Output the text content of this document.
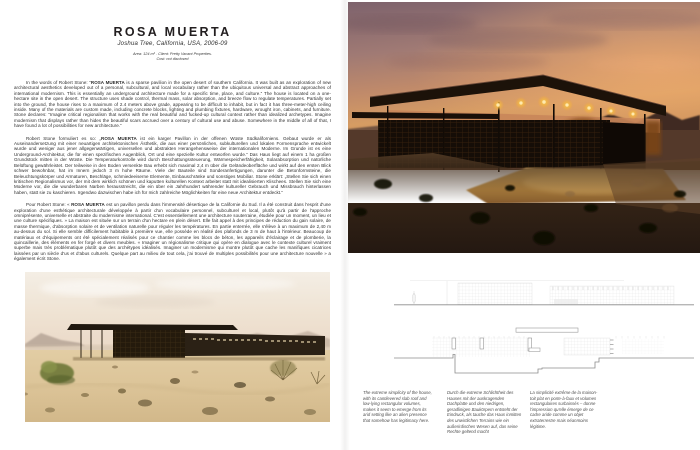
ROSA MUERTA
Joshua Tree, California, USA, 2006-09
Area: 124 m² . Client: Pretty Vacant Properties.
Cost: not disclosed

In the words of Robert Stone: “ROSA MUERTA is a sparse pavilion in the open desert of southern California. It was built as an exploration of new architectural aesthetics developed out of a personal, subcultural, and local vocabulary rather than the ubiquitous universal and abstract approaches of international modernism. This is essentially an underground architecture made for a specific time, place, and culture.” The house is located on a one-hectare site in the open desert. The structure uses shade control, thermal mass, solar absorption, and breeze flow to regulate temperatures. Partially set into the ground, the house rises to a maximum of 2.4 meters above grade, appearing to be difficult to inhabit, but in fact it has three-meter-high ceiling inside. Many of the materials are custom made, including concrete blocks, lighting and plumbing fixtures, hardware, wrought iron, cabinets, and furniture. Stone declares: “Imagine critical regionalism that works with the real beautiful and fucked-up cultural context rather than idealized archetypes. Imagine modernism that displays rather than hides the beautiful scars accrued over a century of cultural use and abuse. Somewhere in the middle of all of that, I have found a lot of possibilities for new architecture.”

Robert Stone formuliert es so: „ROSA MUERTA ist ein karger Pavillon in der offenen Wüste Südkaliforniens. Gebaut wurde er als Auseinandersetzung mit einer neuartigen architektonischen Ästhetik, die aus einer persönlichen, subkulturellen und lokalen Formensprache entwickelt wurde und weniger aus jener allgegenwärtigen, universellen und abstrakten Herangehensweise der internationalen Moderne. Im Grunde ist es eine Underground-Architektur, die für einen spezifischen Augenblick, Ort und eine spezielle Kultur entworfen wurde.“ Das Haus liegt auf einem 1 ha großen Grundstück mitten in der Wüste. Die Temperaturkontrolle wird durch Beschattungssteuerung, Wärmespeicherfähigkeit, Solarabsorption und natürliche Belüftung gewährleistet. Der teilweise in den Boden versenkte Bau erhebt sich maximal 2,4 m über die Geländeoberfläche und wirkt auf den ersten Blick schwer bewohnbar, hat im Innern jedoch 3 m hohe Räume. Viele der Bauteile sind Sonderanfertigungen, darunter die Betonformsteine, die Beleuchtungskörper und Armaturen, Beschläge, schmiedeeiserne Elemente, Einbauschränke und sonstiges Mobiliar. Stone erklärt: „Stellen Sie sich einen kritischen Regionalismus vor, der mit dem wirklich schönen und kaputten kulturellen Kontext arbeitet statt mit idealisierten Klischees. Stellen Sie sich eine Moderne vor, die die wunderbaren Narben herausstreicht, die ein über ein Jahrhundert währender kultureller Gebrauch und Missbrauch hinterlassen haben, statt sie zu kaschieren. Irgendwo dazwischen habe ich für mich zahlreiche Möglichkeiten für eine neue Architektur entdeckt.“

Pour Robert Stone: « ROSA MUERTA est un pavillon perdu dans l'immensité désertique de la Californie du Sud. Il a été construit dans l'esprit d'une exploration d'une esthétique architecturale développée à partir d'un vocabulaire personnel, subculturel et local, plutôt qu'à partir de l'approche omniprésente, universelle et abstraite du modernisme international. C'est essentiellement une architecture souterraine, étudiée pour un moment, un lieu et une culture spécifiques. » La maison est située sur un terrain d'un hectare en plein désert. Elle fait appel à des principes de réduction du gain solaire, de masse thermique, d'absorption solaire et de ventilation naturelle pour réguler les températures. En partie enterrée, elle s'élève à un maximum de 2,40 m au-dessus du sol. Si elle semble difficilement habitable à première vue, elle possède en réalité des plafonds de 3 m de haut à l'intérieur. Beaucoup de matériaux et d'équipements ont été spécialement réalisés pour ce chantier comme les blocs de béton, les appareils d'éclairage et de plomberie, la quincaillerie, des éléments en fer forgé et divers meubles. « Imaginer un régionalisme critique qui opère en dialogue avec le contexte culturel vraiment superbe mais très problématique plutôt que des archétypes idéalisés. Imaginer un modernisme qui montre plutôt que cache les manifiques cicatrices laissées par un siècle d'us et d'abus culturels. Quelque part au milieu de tout cela, j'ai trouvé de multiples possibilités pour une architecture nouvelle » a également écrit Stone.

The extreme simplicity of the house, with its cantilevered slab roof and low-lying rectangular volumes, makes it seem to emerge from its arid setting like an alien presence that somehow has legitimacy here.
Durch die extreme Schlichtheit des Hauses mit der auskragenden Dachplatte und den niedrigen, geradlinigen Baukörpern entsteht der Eindruck, als tauche das Haus inmitten des unwirtlichen Terrains wie ein außerirdisches Wesen auf, das seine Rechte geltend macht
La simplicité extrême de la maison- toit plat en porte-à-faux et volumes rectangulaires surbaissés – donne l'impression qu'elle émerge de ce cadre aride comme un objet extraterrestre mais néanmoins légitime.
